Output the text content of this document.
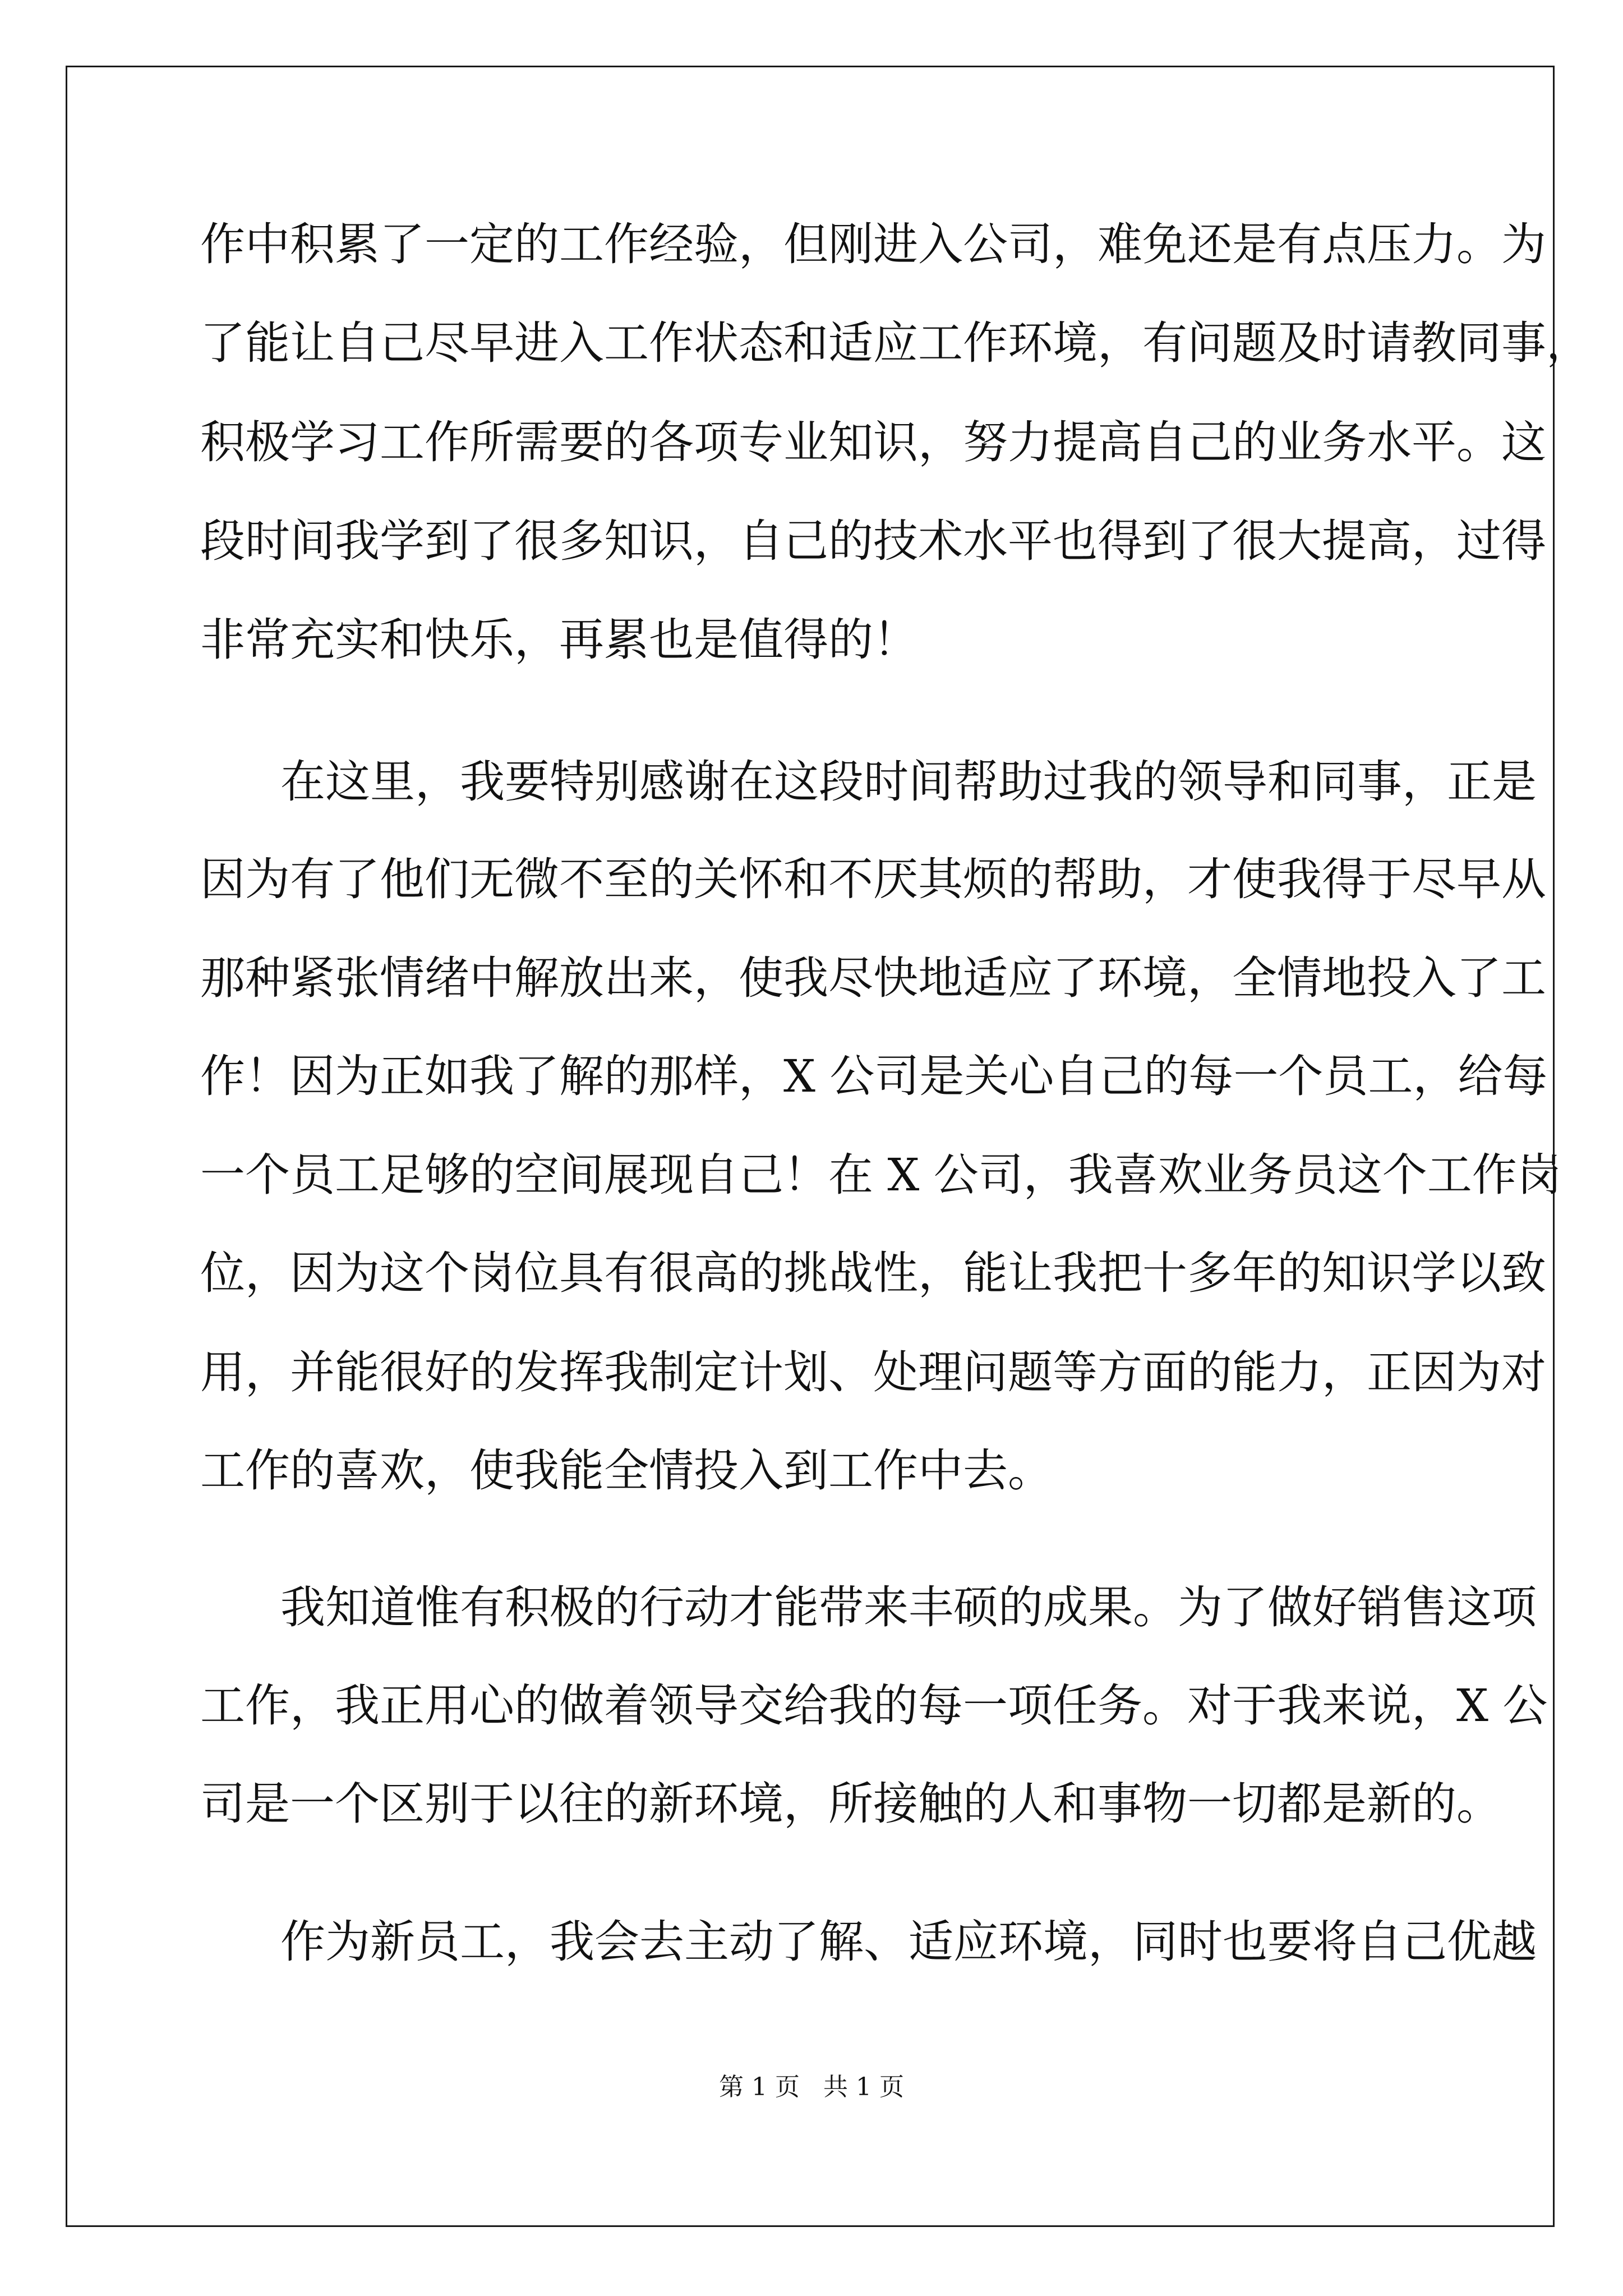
作中积累了一定的工作经验，但刚进入公司，难免还是有点压力。为

了能让自己尽早进入工作状态和适应工作环境，有问题及时请教同事，

积极学习工作所需要的各项专业知识，努力提高自己的业务水平。这

段时间我学到了很多知识，自己的技术水平也得到了很大提高，过得

非常充实和快乐，再累也是值得的！

在这里，我要特别感谢在这段时间帮助过我的领导和同事，正是

因为有了他们无微不至的关怀和不厌其烦的帮助，才使我得于尽早从

那种紧张情绪中解放出来，使我尽快地适应了环境，全情地投入了工

作！因为正如我了解的那样，X 公司是关心自己的每一个员工，给每

一个员工足够的空间展现自己！在 X 公司，我喜欢业务员这个工作岗

位，因为这个岗位具有很高的挑战性，能让我把十多年的知识学以致

用，并能很好的发挥我制定计划、处理问题等方面的能力，正因为对

工作的喜欢，使我能全情投入到工作中去。

我知道惟有积极的行动才能带来丰硕的成果。为了做好销售这项

工作，我正用心的做着领导交给我的每一项任务。对于我来说，X 公

司是一个区别于以往的新环境，所接触的人和事物一切都是新的。

作为新员工，我会去主动了解、适应环境，同时也要将自己优越

第 1 页   共 1 页
